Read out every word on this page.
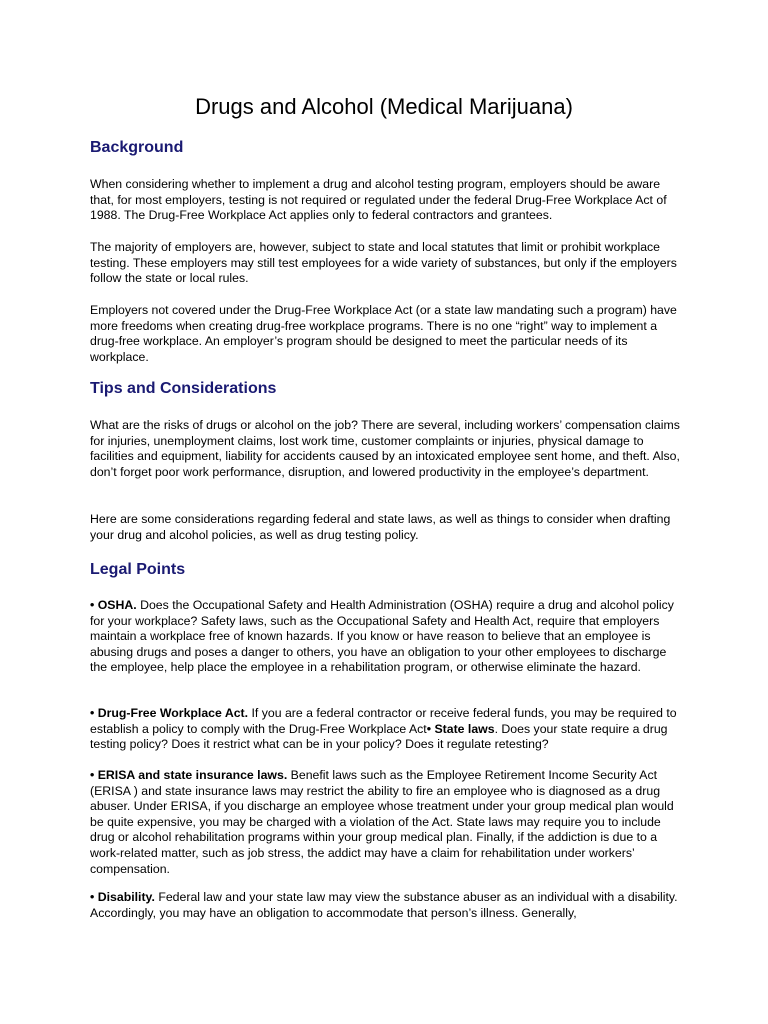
Drugs and Alcohol (Medical Marijuana)
Background

When considering whether to implement a drug and alcohol testing program, employers should be aware that, for most employers, testing is not required or regulated under the federal Drug-Free Workplace Act of 1988. The Drug-Free Workplace Act applies only to federal contractors and grantees.

The majority of employers are, however, subject to state and local statutes that limit or prohibit workplace testing. These employers may still test employees for a wide variety of substances, but only if the employers follow the state or local rules.

Employers not covered under the Drug-Free Workplace Act (or a state law mandating such a program) have more freedoms when creating drug-free workplace programs. There is no one “right” way to implement a drug-free workplace. An employer’s program should be designed to meet the particular needs of its workplace.

Tips and Considerations

What are the risks of drugs or alcohol on the job? There are several, including workers’ compensation claims for injuries, unemployment claims, lost work time, customer complaints or injuries, physical damage to facilities and equipment, liability for accidents caused by an intoxicated employee sent home, and theft. Also, don’t forget poor work performance, disruption, and lowered productivity in the employee’s department.

Here are some considerations regarding federal and state laws, as well as things to consider when drafting your drug and alcohol policies, as well as drug testing policy.

Legal Points

• OSHA. Does the Occupational Safety and Health Administration (OSHA) require a drug and alcohol policy for your workplace? Safety laws, such as the Occupational Safety and Health Act, require that employers maintain a workplace free of known hazards. If you know or have reason to believe that an employee is abusing drugs and poses a danger to others, you have an obligation to your other employees to discharge the employee, help place the employee in a rehabilitation program, or otherwise eliminate the hazard.

• Drug-Free Workplace Act. If you are a federal contractor or receive federal funds, you may be required to establish a policy to comply with the Drug-Free Workplace Act• State laws. Does your state require a drug testing policy? Does it restrict what can be in your policy? Does it regulate retesting?

• ERISA and state insurance laws. Benefit laws such as the Employee Retirement Income Security Act (ERISA ) and state insurance laws may restrict the ability to fire an employee who is diagnosed as a drug abuser. Under ERISA, if you discharge an employee whose treatment under your group medical plan would be quite expensive, you may be charged with a violation of the Act. State laws may require you to include drug or alcohol rehabilitation programs within your group medical plan. Finally, if the addiction is due to a work-related matter, such as job stress, the addict may have a claim for rehabilitation under workers’ compensation.

• Disability. Federal law and your state law may view the substance abuser as an individual with a disability. Accordingly, you may have an obligation to accommodate that person’s illness. Generally,
